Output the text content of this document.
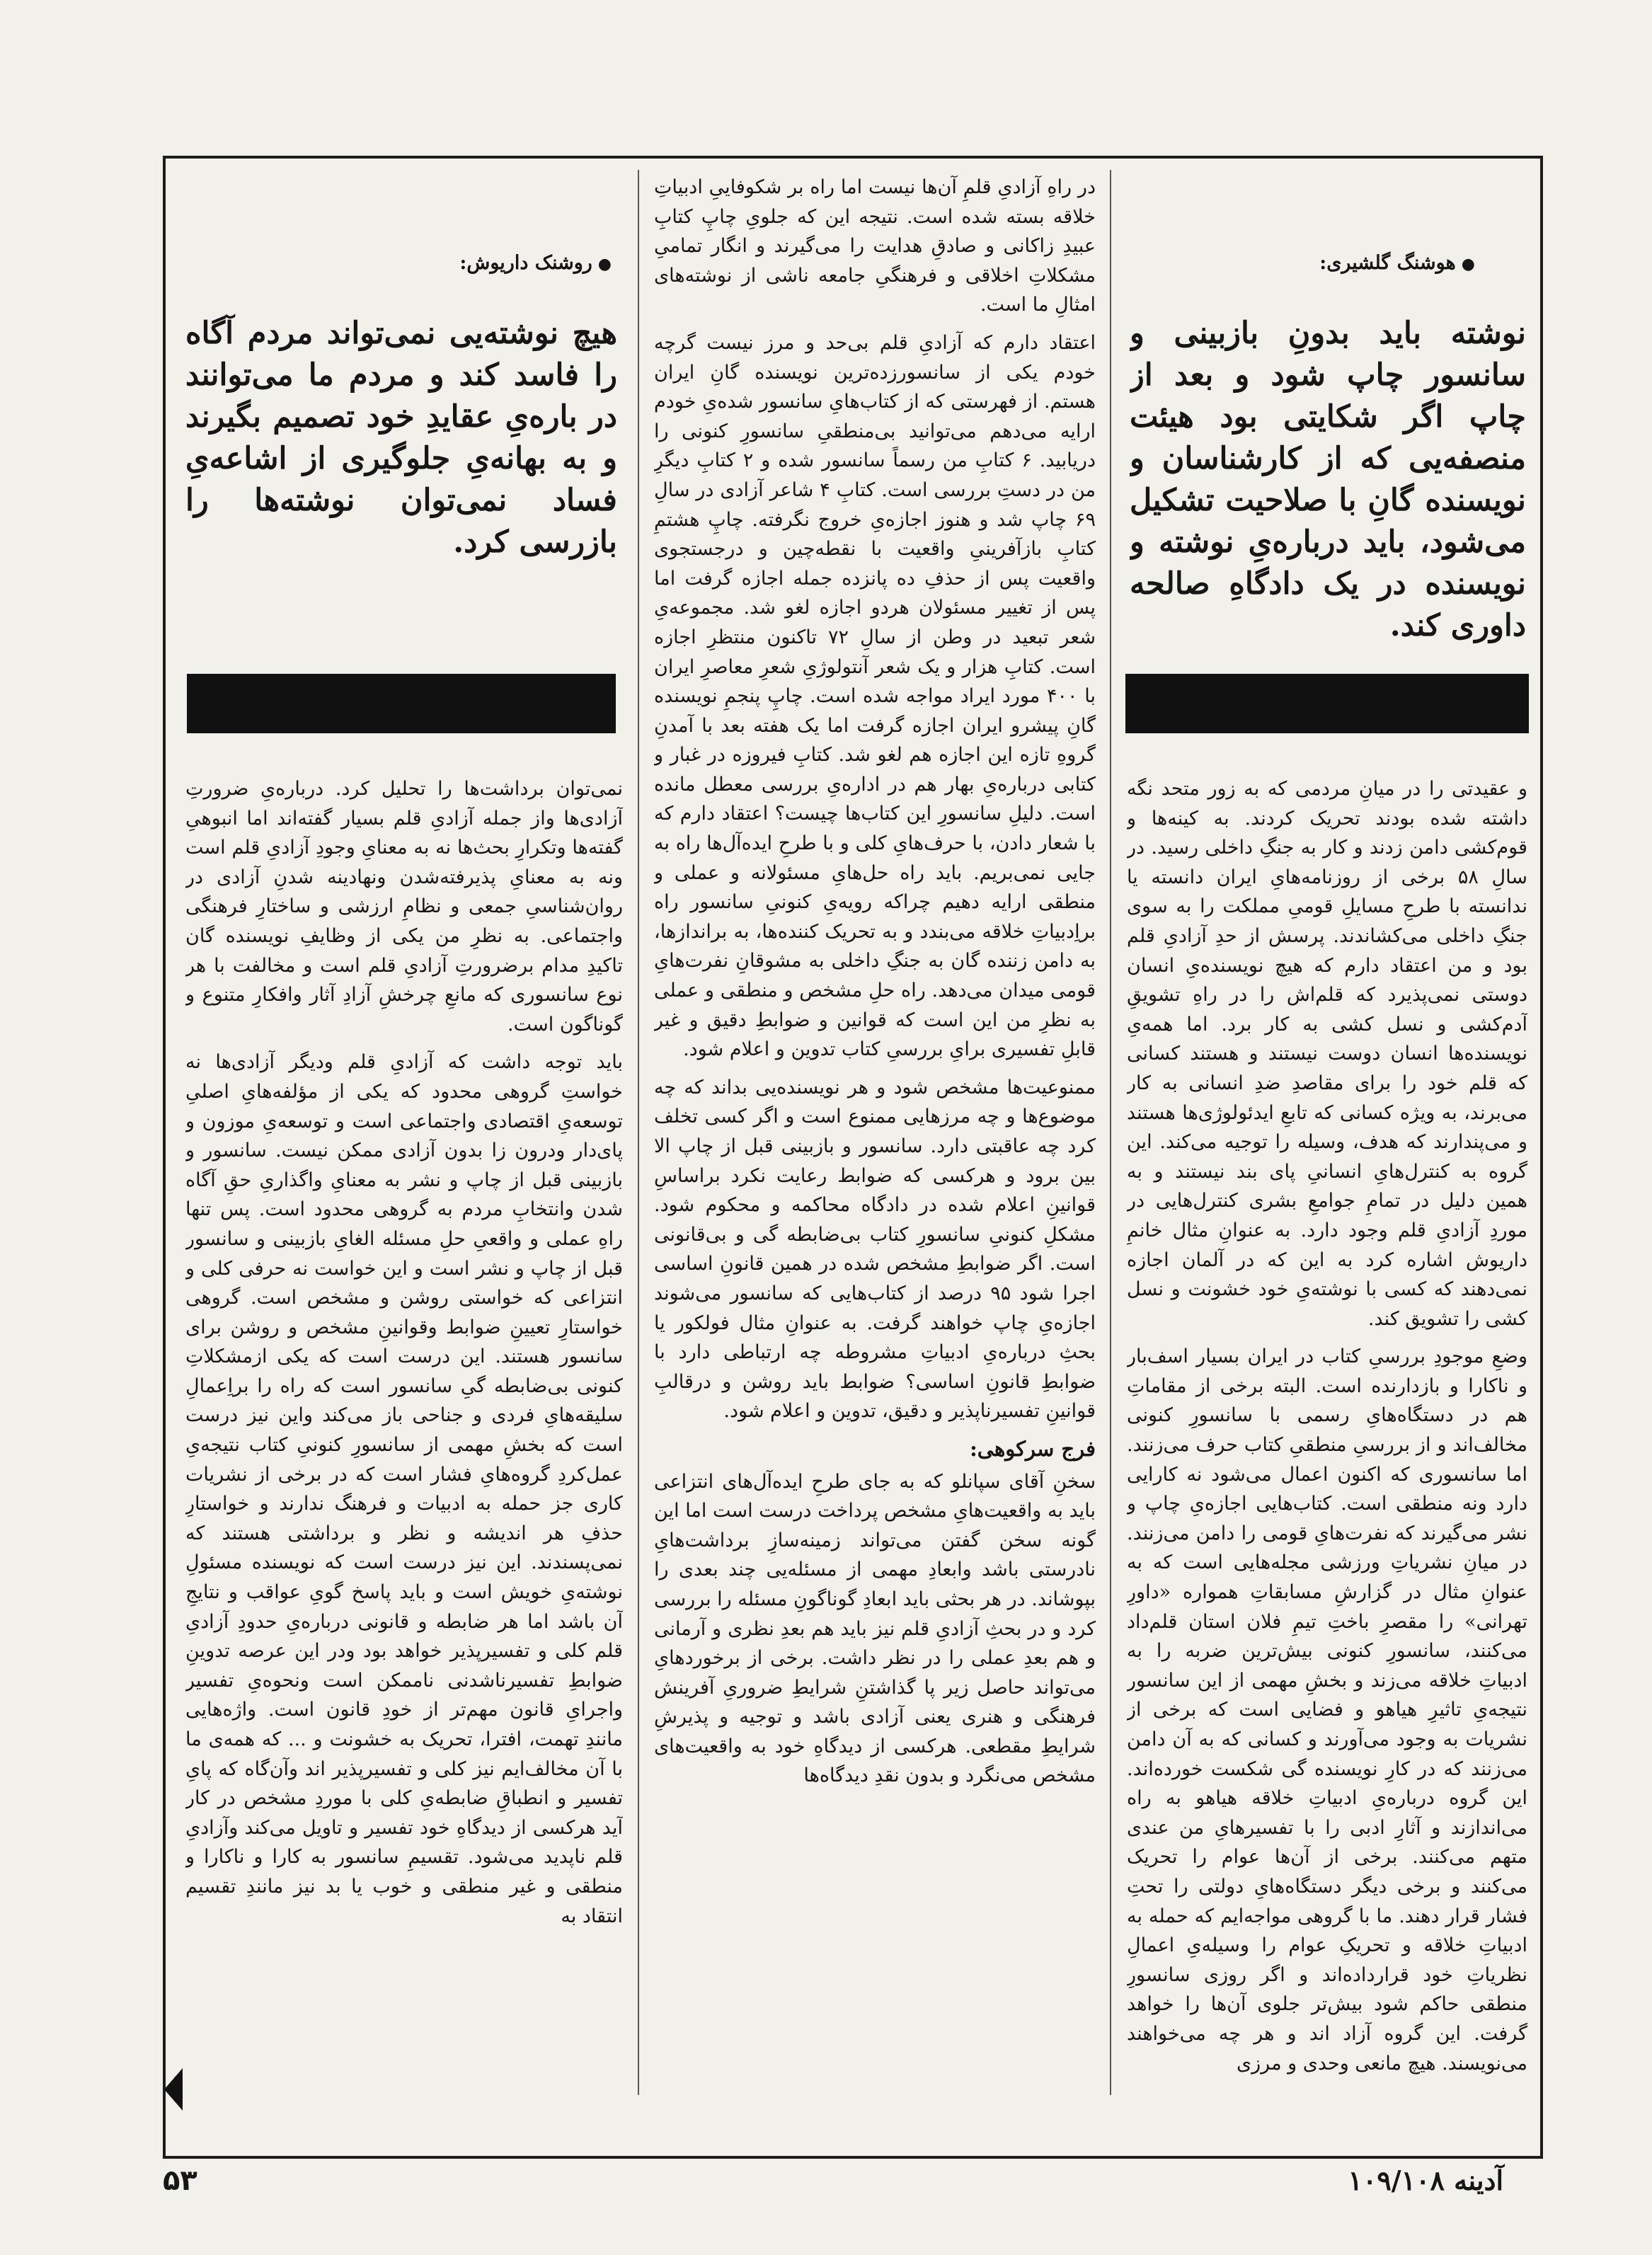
●هوشنگ گلشیری:
نوشته باید بدونِ بازبینی و سانسور چاپ شود و بعد از چاپ اگر شکایتی بود هیئت منصفه‌یی که از کارشناسان و نویسنده گانِ با صلاحیت تشکیل می‌شود، باید درباره‌یِ نوشته و نویسنده در یک دادگاهِ صالحه داوری کند.

و عقیدتی را در میانِ مردمی که به زور متحد نگه داشته شده بودند تحریک کردند. به کینه‌ها و قوم‌کشی دامن زدند و کار به جنگِ داخلی رسید. در سالِ ۵۸ برخی از روزنامه‌هایِ ایران دانسته یا ندانسته با طرحِ مسایلِ قومیِ مملکت را به سوی جنگِ داخلی می‌کشاندند. پرسش از حدِ آزادیِ قلم بود و من اعتقاد دارم که هیچ نویسنده‌یِ انسان دوستی نمی‌پذیرد که قلم‌اش را در راهِ تشویقِ آدم‌کشی و نسل کشی به کار برد. اما همه‌یِ نویسنده‌ها انسان دوست نیستند و هستند کسانی که قلم خود را برای مقاصدِ ضدِ انسانی به کار می‌برند، به ویژه کسانی که تابعِ ایدئولوژی‌ها هستند و می‌پندارند که هدف، وسیله را توجیه می‌کند. این گروه به کنترل‌هایِ انسانیِ پای بند نیستند و به همین دلیل در تمامِ جوامعِ بشری کنترل‌هایی در موردِ آزادیِ قلم وجود دارد. به عنوانِ مثال خانمِ داریوش اشاره کرد به این که در آلمان اجازه نمی‌دهند که کسی با نوشته‌یِ خود خشونت و نسل کشی را تشویق کند.

وضعِ موجودِ بررسیِ کتاب در ایران بسیار اسف‌بار و ناکارا و بازدارنده است. البته برخی از مقاماتِ هم در دستگاه‌هایِ رسمی با سانسورِ کنونی مخالف‌اند و از بررسیِ منطقیِ کتاب حرف می‌زنند. اما سانسوری که اکنون اعمال می‌شود نه کارایی دارد ونه منطقی است. کتاب‌هایی اجازه‌یِ چاپ و نشر می‌گیرند که نفرت‌هایِ قومی را دامن می‌زنند. در میانِ نشریاتِ ورزشی مجله‌هایی است که به عنوانِ مثال در گزارشِ مسابقاتِ همواره «داورِ تهرانی» را مقصرِ باختِ تیمِ فلان استان قلم‌داد می‌کنند، سانسورِ کنونی بیش‌ترین ضربه را به ادبیاتِ خلاقه می‌زند و بخشِ مهمی از این سانسور نتیجه‌یِ تاثیرِ هیاهو و فضایی است که برخی از نشریات به وجود می‌آورند و کسانی که به آن دامن می‌زنند که در کارِ نویسنده گی شکست خورده‌اند. این گروه درباره‌یِ ادبیاتِ خلاقه هیاهو به راه می‌اندازند و آثارِ ادبی را با تفسیرهایِ من عندی متهم می‌کنند. برخی از آن‌ها عوام را تحریک می‌کنند و برخی دیگر دستگاه‌هایِ دولتی را تحتِ فشار قرار دهند. ما با گروهی مواجه‌ایم که حمله به ادبیاتِ خلاقه و تحریکِ عوام را وسیله‌یِ اعمالِ نظریاتِ خود قرارداده‌اند و اگر روزی سانسورِ منطقی حاکم شود بیش‌تر جلوی آن‌ها را خواهد گرفت. این گروه آزاد اند و هر چه می‌خواهند می‌نویسند. هیچ مانعی وحدی و مرزی

در راهِ آزادیِ قلمِ آن‌ها نیست اما راه بر شکوفاییِ ادبیاتِ خلاقه بسته شده است. نتیجه این که جلویِ چاپِ کتابِ عبیدِ زاکانی و صادقِ هدایت را می‌گیرند و انگار تمامیِ مشکلاتِ اخلاقی و فرهنگیِ جامعه ناشی از نوشته‌های امثالِ ما است.

اعتقاد دارم که آزادیِ قلم بی‌حد و مرز نیست گرچه خودم یکی از سانسورزده‌ترین نویسنده گانِ ایران هستم. از فهرستی که از کتاب‌هایِ سانسور شده‌یِ خودم ارایه می‌دهم می‌توانید بی‌منطقیِ سانسورِ کنونی را دریابید. ۶ کتابِ من رسماً سانسور شده و ۲ کتابِ دیگرِ من در دستِ بررسی است. کتابِ ۴ شاعر آزادی در سالِ ۶۹ چاپ شد و هنوز اجازه‌یِ خروج نگرفته. چاپِ هشتمِ کتابِ بازآفرینیِ واقعیت با نقطه‌چین و درجستجوی واقعیت پس از حذفِ ده پانزده جمله اجازه گرفت اما پس از تغییر مسئولان هردو اجازه لغو شد. مجموعه‌یِ شعر تبعید در وطن از سالِ ۷۲ تاکنون منتظرِ اجازه است. کتابِ هزار و یک شعر آنتولوژیِ شعرِ معاصرِ ایران با ۴۰۰ مورد ایراد مواجه شده است. چاپِ پنجمِ نویسنده گانِ پیشرو ایران اجازه گرفت اما یک هفته بعد با آمدنِ گروهِ تازه این اجازه هم لغو شد. کتابِ فیروزه در غبار و کتابی درباره‌یِ بهار هم در اداره‌یِ بررسی معطل مانده است. دلیلِ سانسورِ این کتاب‌ها چیست؟ اعتقاد دارم که با شعار دادن، با حرف‌هایِ کلی و با طرحِ ایده‌آل‌ها راه به جایی نمی‌بریم. باید راه حل‌هایِ مسئولانه و عملی و منطقی ارایه دهیم چراکه رویه‌یِ کنونیِ سانسور راه براِدبیاتِ خلاقه می‌بندد و به تحریک کننده‌ها، به براندازها، به دامن زننده گان به جنگِ داخلی به مشوقانِ نفرت‌هایِ قومی میدان می‌دهد. راه حلِ مشخص و منطقی و عملی به نظرِ من این است که قوانین و ضوابطِ دقیق و غیر قابلِ تفسیری برایِ بررسیِ کتاب تدوین و اعلام شود.

ممنوعیت‌ها مشخص شود و هر نویسنده‌یی بداند که چه موضوع‌ها و چه مرزهایی ممنوع است و اگر کسی تخلف کرد چه عاقبتی دارد. سانسور و بازبینی قبل از چاپ الا بین برود و هرکسی که ضوابط رعایت نکرد براساسِ قوانینِ اعلام شده در دادگاه محاکمه و محکوم شود. مشکلِ کنونیِ سانسورِ کتاب بی‌ضابطه گی و بی‌قانونی است. اگر ضوابطِ مشخص شده در همین قانونِ اساسی اجرا شود ۹۵ درصد از کتاب‌هایی که سانسور می‌شوند اجازه‌یِ چاپ خواهند گرفت. به عنوانِ مثال فولکور یا بحثِ درباره‌یِ ادبیاتِ مشروطه چه ارتباطی دارد با ضوابطِ قانونِ اساسی؟ ضوابط باید روشن و درقالبِ قوانینِ تفسیرناپذیر و دقیق، تدوین و اعلام شود.

فرج سرکوهی:

سخنِ آقای سپانلو که به جای طرحِ ایده‌آل‌های انتزاعی باید به واقعیت‌هایِ مشخص پرداخت درست است اما این گونه سخن گفتن می‌تواند زمینه‌سازِ برداشت‌هایِ نادرستی باشد وابعادِ مهمی از مسئله‌یی چند بعدی را بپوشاند. در هر بحثی باید ابعادِ گوناگونِ مسئله را بررسی کرد و در بحثِ آزادیِ قلم نیز باید هم بعدِ نظری و آرمانی و هم بعدِ عملی را در نظر داشت. برخی از برخوردهایِ می‌تواند حاصل زیر پا گذاشتنِ شرایطِ ضروریِ آفرینش فرهنگی و هنری یعنی آزادی باشد و توجیه و پذیرشِ شرایطِ مقطعی. هرکسی از دیدگاهِ خود به واقعیت‌های مشخص می‌نگرد و بدون نقدِ دیدگاه‌ها

●روشنک داریوش:
هیچ نوشته‌یی نمی‌تواند مردم آگاه را فاسد کند و مردم ما می‌توانند در باره‌یِ عقایدِ خود تصمیم بگیرند و به بهانه‌یِ جلوگیری از اشاعه‌یِ فساد نمی‌توان نوشته‌ها را بازرسی کرد.

نمی‌توان برداشت‌ها را تحلیل کرد. درباره‌یِ ضرورتِ آزادی‌ها واز جمله آزادیِ قلم بسیار گفته‌اند اما انبوهیِ گفته‌ها وتکرارِ بحث‌ها نه به معنایِ وجودِ آزادیِ قلم است ونه به معنایِ پذیرفته‌شدن ونهادینه شدنِ آزادی در روان‌شناسیِ جمعی و نظامِ ارزشی و ساختارِ فرهنگی واجتماعی. به نظرِ من یکی از وظایفِ نویسنده گان تاکیدِ مدام برضرورتِ آزادیِ قلم است و مخالفت با هر نوع سانسوری که مانعِ چرخشِ آزادِ آثار وافکارِ متنوع و گوناگون است.

باید توجه داشت که آزادیِ قلم ودیگر آزادی‌ها نه خواستِ گروهی محدود که یکی از مؤلفه‌هایِ اصلیِ توسعه‌یِ اقتصادی واجتماعی است و توسعه‌یِ موزون و پای‌دار ودرون زا بدون آزادی ممکن نیست. سانسور و بازبینی قبل از چاپ و نشر به معنایِ واگذاریِ حقِ آگاه شدن وانتخابِ مردم به گروهی محدود است. پس تنها راهِ عملی و واقعیِ حلِ مسئله الغایِ بازبینی و سانسور قبل از چاپ و نشر است و این خواست نه حرفی کلی و انتزاعی که خواستی روشن و مشخص است. گروهی خواستارِ تعیینِ ضوابط وقوانینِ مشخص و روشن برای سانسور هستند. این درست است که یکی ازمشکلاتِ کنونی بی‌ضابطه گیِ سانسور است که راه را براِعمالِ سلیقه‌هایِ فردی و جناحی باز می‌کند واین نیز درست است که بخشِ مهمی از سانسورِ کنونیِ کتاب نتیجه‌یِ عمل‌کردِ گروه‌هایِ فشار است که در برخی از نشریات کاری جز حمله به ادبیات و فرهنگ ندارند و خواستارِ حذفِ هر اندیشه و نظر و برداشتی هستند که نمی‌پسندند. این نیز درست است که نویسنده مسئولِ نوشته‌یِ خویش است و باید پاسخ گویِ عواقب و نتایجِ آن باشد اما هر ضابطه و قانونی درباره‌یِ حدودِ آزادیِ قلم کلی و تفسیرپذیر خواهد بود ودر این عرصه تدوینِ ضوابطِ تفسیرناشدنی ناممکن است ونحوه‌یِ تفسیر واجرایِ قانون مهم‌تر از خودِ قانون است. واژه‌هایی مانندِ تهمت، افترا، تحریک به خشونت و ... که همه‌ی ما با آن مخالف‌ایم نیز کلی و تفسیرپذیر اند وآن‌گاه که پایِ تفسیر و انطباقِ ضابطه‌یِ کلی با موردِ مشخص در کار آید هرکسی از دیدگاهِ خود تفسیر و تاویل می‌کند وآزادیِ قلم ناپدید می‌شود. تقسیمِ سانسور به کارا و ناکارا و منطقی و غیر منطقی و خوب یا بد نیز مانندِ تقسیم انتقاد به

آدینه ۱۰۹/۱۰۸
۵۳
